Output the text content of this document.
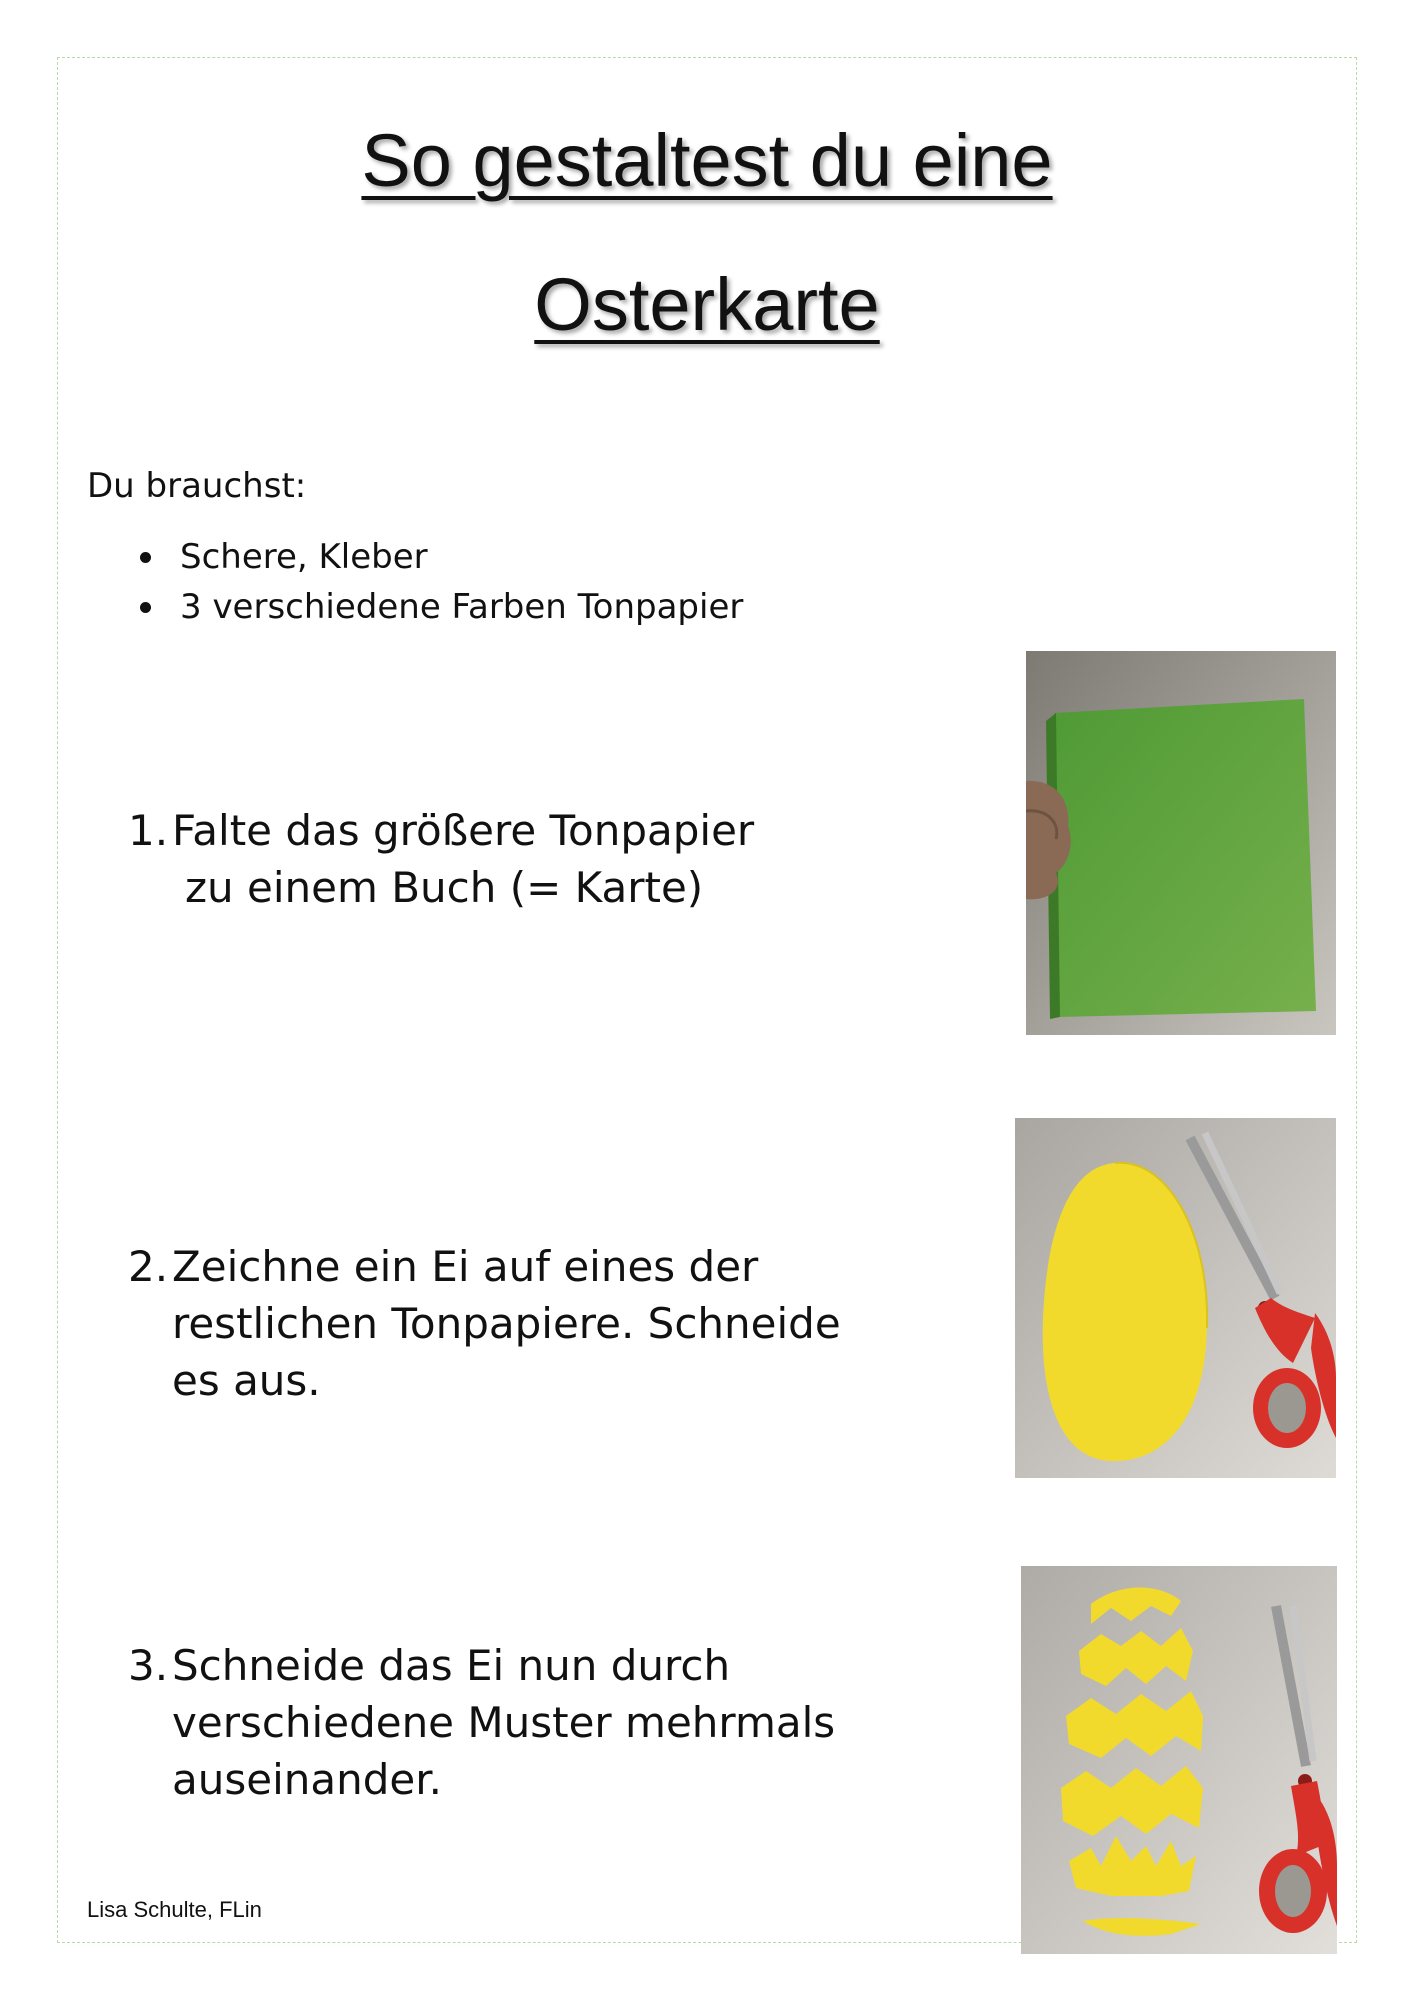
So gestaltest du eine
Osterkarte
Du brauchst:
Schere, Kleber
3 verschiedene Farben Tonpapier
1. Falte das größere Tonpapier
zu einem Buch (= Karte)
2. Zeichne ein Ei auf eines der
restlichen Tonpapiere. Schneide
es aus.
3. Schneide das Ei nun durch
verschiedene Muster mehrmals
auseinander.
Lisa Schulte, FLin
